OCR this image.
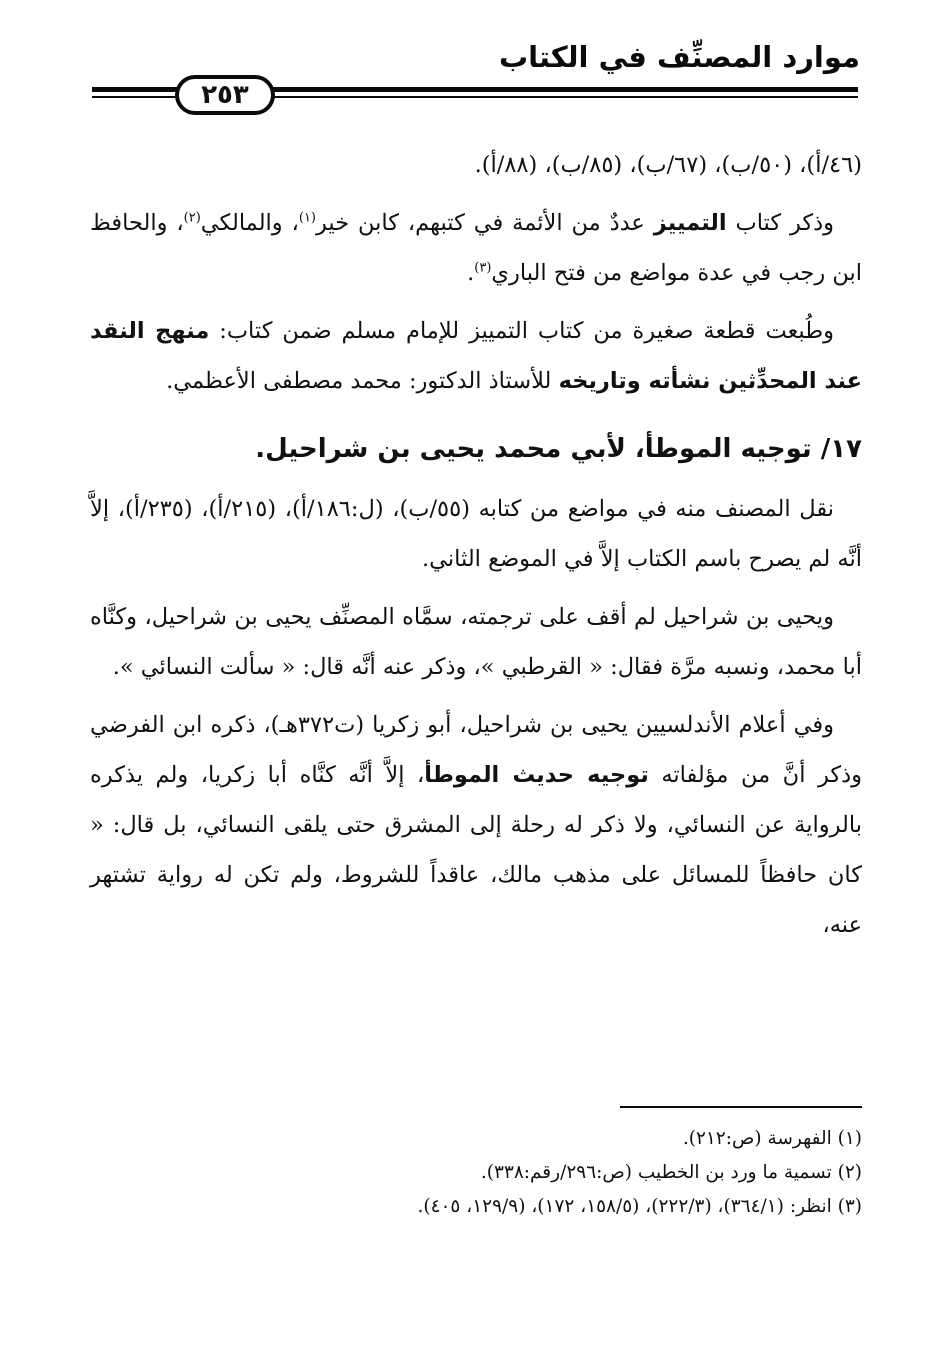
موارد المصنِّف في الكتاب
٢٥٣

(٤٦/أ)، (٥٠/ب)، (٦٧/ب)، (٨٥/ب)، (٨٨/أ).

وذكر كتاب التمييز عددٌ من الأئمة في كتبهم، كابن خير$^{(١)}$، والمالكي$^{(٢)}$، والحافظ ابن رجب في عدة مواضع من فتح الباري$^{(٣)}$.

وطُبعت قطعة صغيرة من كتاب التمييز للإمام مسلم ضمن كتاب: منهج النقد عند المحدِّثين نشأته وتاريخه للأستاذ الدكتور: محمد مصطفى الأعظمي.

١٧/ توجيه الموطأ، لأبي محمد يحيى بن شراحيل.

نقل المصنف منه في مواضع من كتابه (٥٥/ب)، (ل:١٨٦/أ)، (٢١٥/أ)، (٢٣٥/أ)، إلاَّ أنَّه لم يصرح باسم الكتاب إلاَّ في الموضع الثاني.

ويحيى بن شراحيل لم أقف على ترجمته، سمَّاه المصنِّف يحيى بن شراحيل، وكنَّاه أبا محمد، ونسبه مرَّة فقال: « القرطبي »، وذكر عنه أنَّه قال: « سألت النسائي ».

وفي أعلام الأندلسيين يحيى بن شراحيل، أبو زكريا (ت٣٧٢هـ)، ذكره ابن الفرضي وذكر أنَّ من مؤلفاته توجيه حديث الموطأ، إلاَّ أنَّه كنَّاه أبا زكريا، ولم يذكره بالرواية عن النسائي، ولا ذكر له رحلة إلى المشرق حتى يلقى النسائي، بل قال: « كان حافظاً للمسائل على مذهب مالك، عاقداً للشروط، ولم تكن له رواية تشتهر عنه،

(١) الفهرسة (ص:٢١٢).
(٢) تسمية ما ورد بن الخطيب (ص:٢٩٦/رقم:٣٣٨).
(٣) انظر: (٣٦٤/١)، (٢٢٢/٣)، (١٥٨/٥، ١٧٢)، (١٢٩/٩، ٤٠٥).
